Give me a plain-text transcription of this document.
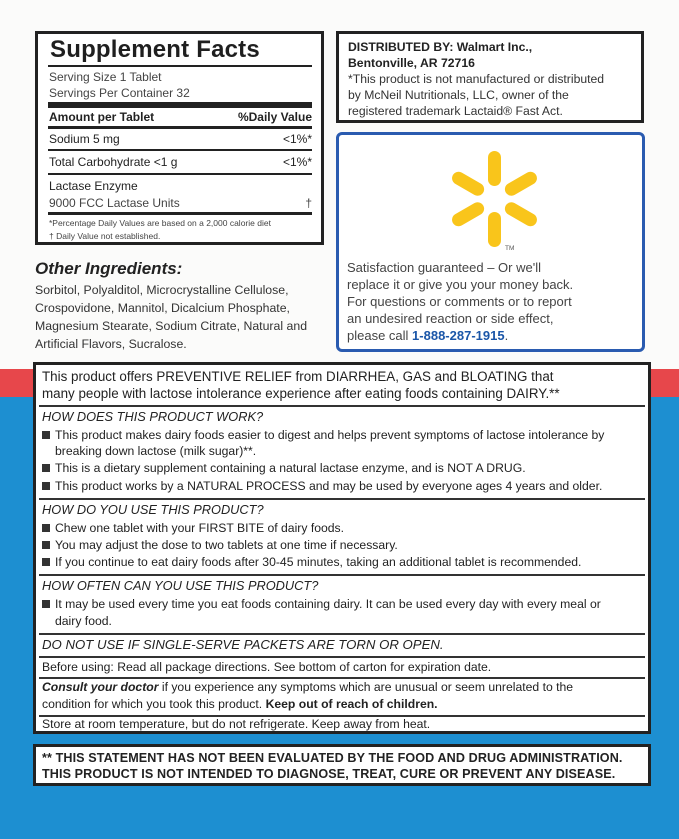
Supplement Facts
Serving Size 1 Tablet
Servings Per Container 32
Amount per Tablet	%Daily Value
Sodium 5 mg	<1%*
Total Carbohydrate <1 g	<1%*
Lactase Enzyme
9000 FCC Lactase Units	†
*Percentage Daily Values are based on a 2,000 calorie diet
† Daily Value not established.
DISTRIBUTED BY: Walmart Inc.,
Bentonville, AR 72716
*This product is not manufactured or distributed
by McNeil Nutritionals, LLC, owner of the
registered trademark Lactaid® Fast Act.
TM
Satisfaction guaranteed – Or we'll
replace it or give you your money back.
For questions or comments or to report
an undesired reaction or side effect,
please call 1-888-287-1915.
Other Ingredients:
Sorbitol, Polyalditol, Microcrystalline Cellulose,
Crospovidone, Mannitol, Dicalcium Phosphate,
Magnesium Stearate, Sodium Citrate, Natural and
Artificial Flavors, Sucralose.
This product offers PREVENTIVE RELIEF from DIARRHEA, GAS and BLOATING that
many people with lactose intolerance experience after eating foods containing DAIRY.**
HOW DOES THIS PRODUCT WORK?
This product makes dairy foods easier to digest and helps prevent symptoms of lactose intolerance by
breaking down lactose (milk sugar)**.
This is a dietary supplement containing a natural lactase enzyme, and is NOT A DRUG.
This product works by a NATURAL PROCESS and may be used by everyone ages 4 years and older.
HOW DO YOU USE THIS PRODUCT?
Chew one tablet with your FIRST BITE of dairy foods.
You may adjust the dose to two tablets at one time if necessary.
If you continue to eat dairy foods after 30-45 minutes, taking an additional tablet is recommended.
HOW OFTEN CAN YOU USE THIS PRODUCT?
It may be used every time you eat foods containing dairy. It can be used every day with every meal or
dairy food.
DO NOT USE IF SINGLE-SERVE PACKETS ARE TORN OR OPEN.
Before using: Read all package directions. See bottom of carton for expiration date.
Consult your doctor if you experience any symptoms which are unusual or seem unrelated to the
condition for which you took this product. Keep out of reach of children.
Store at room temperature, but do not refrigerate. Keep away from heat.
** THIS STATEMENT HAS NOT BEEN EVALUATED BY THE FOOD AND DRUG ADMINISTRATION.
THIS PRODUCT IS NOT INTENDED TO DIAGNOSE, TREAT, CURE OR PREVENT ANY DISEASE.
